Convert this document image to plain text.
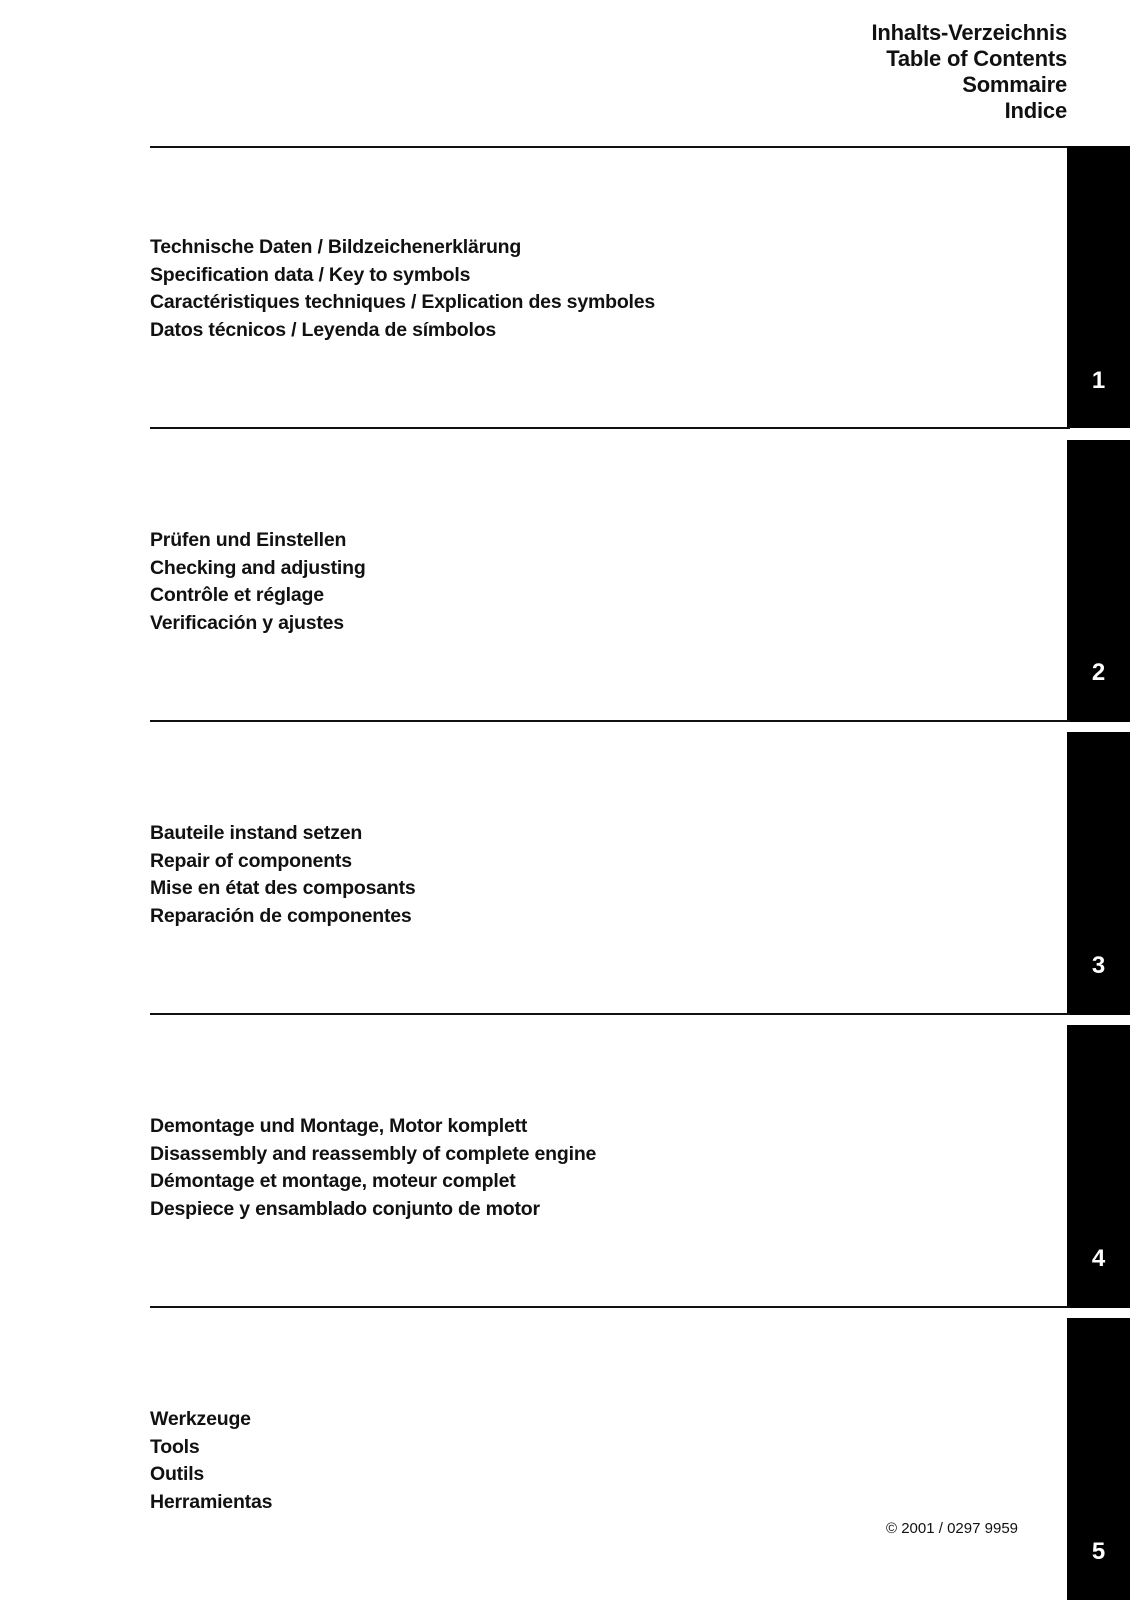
Inhalts-Verzeichnis
Table of Contents
Sommaire
Indice
1
Technische Daten / Bildzeichenerklärung
Specification data / Key to symbols
Caractéristiques techniques / Explication des symboles
Datos técnicos / Leyenda de símbolos
2
Prüfen und Einstellen
Checking and adjusting
Contrôle et réglage
Verificación y ajustes
3
Bauteile instand setzen
Repair of components
Mise en état des composants
Reparación de componentes
4
Demontage und Montage, Motor komplett
Disassembly and reassembly of complete engine
Démontage et montage, moteur complet
Despiece y ensamblado conjunto de motor
5
Werkzeuge
Tools
Outils
Herramientas
© 2001 / 0297 9959
